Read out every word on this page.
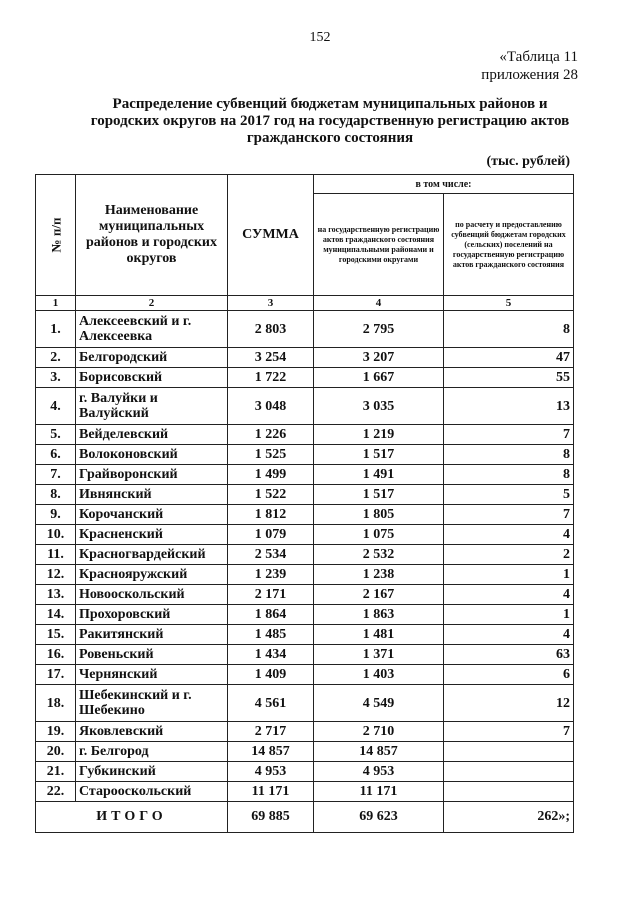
152
«Таблица 11
приложения 28
Распределение субвенций бюджетам муниципальных районов и
городских округов на 2017 год на государственную регистрацию актов
гражданского состояния
(тыс. рублей)
№ п/п	Наименование муниципальных районов и городских округов	СУММА	в том числе:	
			на государственную регистрацию актов гражданского состояния муниципальными районами и городскими округами	по расчету и предоставлению субвенций бюджетам городских (сельских) поселений на государственную регистрацию актов гражданского состояния
1	2	3	4	5
1.	Алексеевский и г. Алексеевка	2 803	2 795	8
2.	Белгородский	3 254	3 207	47
3.	Борисовский	1 722	1 667	55
4.	г. Валуйки и Валуйский	3 048	3 035	13
5.	Вейделевский	1 226	1 219	7
6.	Волоконовский	1 525	1 517	8
7.	Грайворонский	1 499	1 491	8
8.	Ивнянский	1 522	1 517	5
9.	Корочанский	1 812	1 805	7
10.	Красненский	1 079	1 075	4
11.	Красногвардейский	2 534	2 532	2
12.	Краснояружский	1 239	1 238	1
13.	Новооскольский	2 171	2 167	4
14.	Прохоровский	1 864	1 863	1
15.	Ракитянский	1 485	1 481	4
16.	Ровеньский	1 434	1 371	63
17.	Чернянский	1 409	1 403	6
18.	Шебекинский и г. Шебекино	4 561	4 549	12
19.	Яковлевский	2 717	2 710	7
20.	г. Белгород	14 857	14 857	
21.	Губкинский	4 953	4 953	
22.	Старооскольский	11 171	11 171	
ИТОГО		69 885	69 623	262»;
